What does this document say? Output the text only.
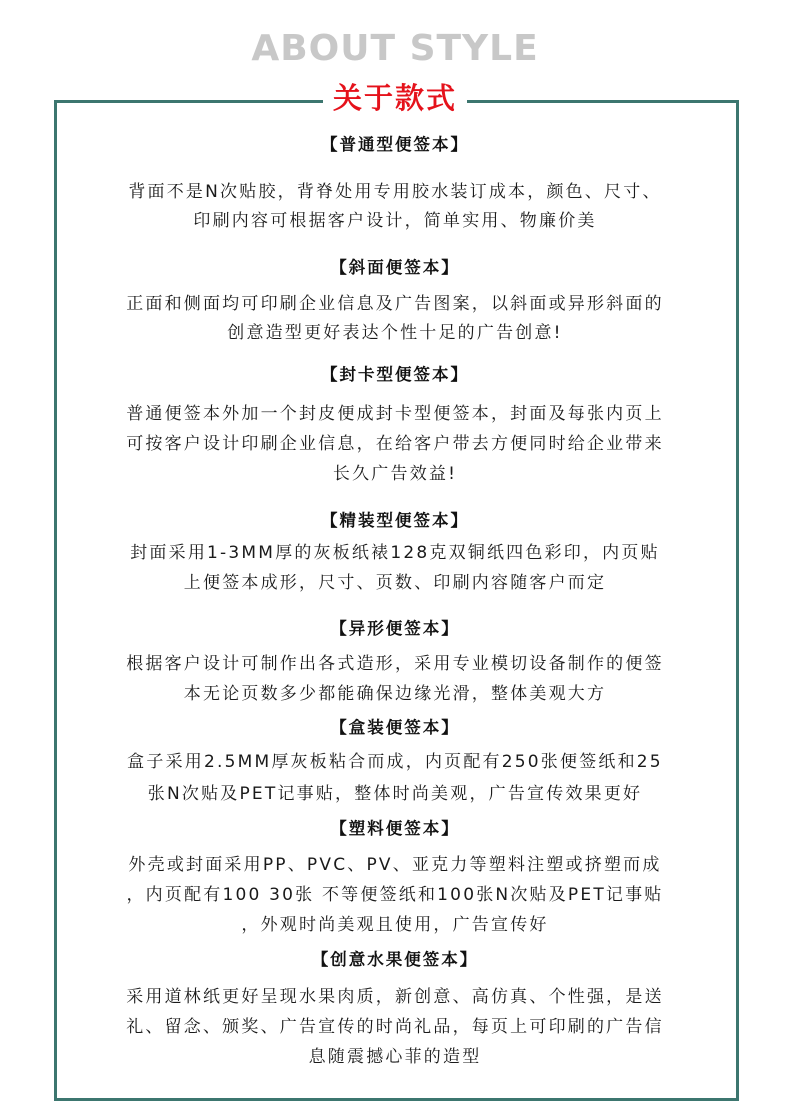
ABOUT STYLE
关于款式
【普通型便签本】
背面不是N次贴胶，背脊处用专用胶水装订成本，颜色、尺寸、
印刷内容可根据客户设计，简单实用、物廉价美
【斜面便签本】
正面和侧面均可印刷企业信息及广告图案，以斜面或异形斜面的
创意造型更好表达个性十足的广告创意!
【封卡型便签本】
普通便签本外加一个封皮便成封卡型便签本，封面及每张内页上
可按客户设计印刷企业信息，在给客户带去方便同时给企业带来
长久广告效益!
【精装型便签本】
封面采用1-3MM厚的灰板纸裱128克双铜纸四色彩印，内页贴
上便签本成形，尺寸、页数、印刷内容随客户而定
【异形便签本】
根据客户设计可制作出各式造形，采用专业模切设备制作的便签
本无论页数多少都能确保边缘光滑，整体美观大方
【盒装便签本】
盒子采用2.5MM厚灰板粘合而成，内页配有250张便签纸和25
张N次贴及PET记事贴，整体时尚美观，广告宣传效果更好
【塑料便签本】
外壳或封面采用PP、PVC、PV、亚克力等塑料注塑或挤塑而成
，内页配有100 30张 不等便签纸和100张N次贴及PET记事贴
，外观时尚美观且使用，广告宣传好
【创意水果便签本】
采用道林纸更好呈现水果肉质，新创意、高仿真、个性强，是送
礼、留念、颁奖、广告宣传的时尚礼品，每页上可印刷的广告信
息随震撼心菲的造型
